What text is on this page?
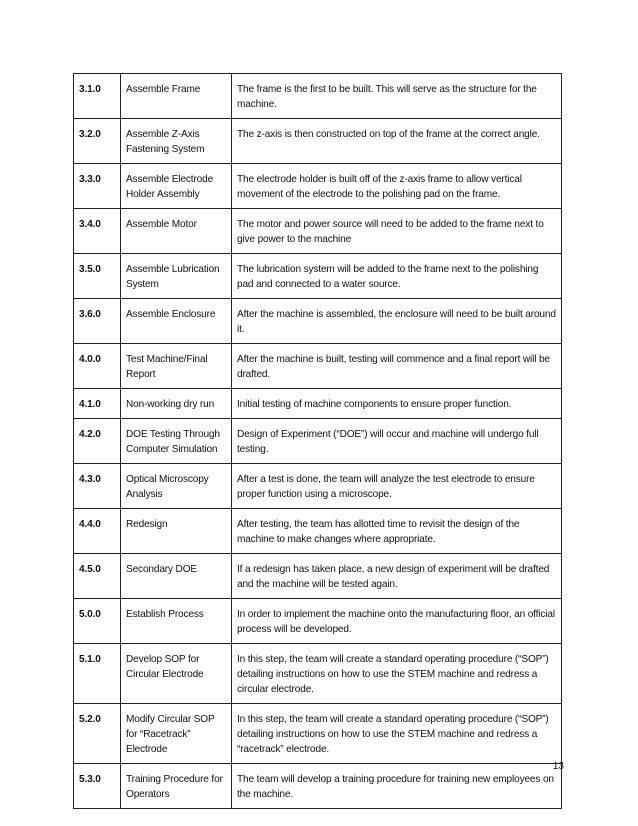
3.1.0	Assemble Frame	The frame is the first to be built. This will serve as the structure for the machine.
3.2.0	Assemble Z-Axis Fastening System	The z-axis is then constructed on top of the frame at the correct angle.
3.3.0	Assemble Electrode Holder Assembly	The electrode holder is built off of the z-axis frame to allow vertical movement of the electrode to the polishing pad on the frame.
3.4.0	Assemble Motor	The motor and power source will need to be added to the frame next to give power to the machine
3.5.0	Assemble Lubrication System	The lubrication system will be added to the frame next to the polishing pad and connected to a water source.
3.6.0	Assemble Enclosure	After the machine is assembled, the enclosure will need to be built around it.
4.0.0	Test Machine/Final Report	After the machine is built, testing will commence and a final report will be drafted.
4.1.0	Non-working dry run	Initial testing of machine components to ensure proper function.
4.2.0	DOE Testing Through Computer Simulation	Design of Experiment (“DOE”) will occur and machine will undergo full testing.
4.3.0	Optical Microscopy Analysis	After a test is done, the team will analyze the test electrode to ensure proper function using a microscope.
4.4.0	Redesign	After testing, the team has allotted time to revisit the design of the machine to make changes where appropriate.
4.5.0	Secondary DOE	If a redesign has taken place, a new design of experiment will be drafted and the machine will be tested again.
5.0.0	Establish Process	In order to implement the machine onto the manufacturing floor, an official process will be developed.
5.1.0	Develop SOP for Circular Electrode	In this step, the team will create a standard operating procedure (“SOP”) detailing instructions on how to use the STEM machine and redress a circular electrode.
5.2.0	Modify Circular SOP for “Racetrack” Electrode	In this step, the team will create a standard operating procedure (“SOP”) detailing instructions on how to use the STEM machine and redress a “racetrack” electrode.
5.3.0	Training Procedure for Operators	The team will develop a training procedure for training new employees on the machine.
13
